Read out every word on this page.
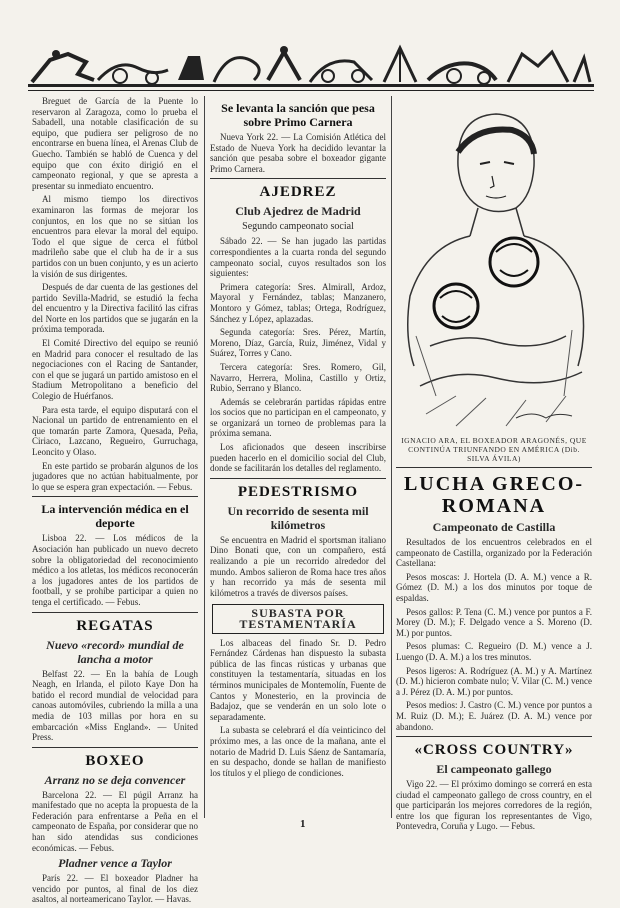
Breguet de García de la Puente lo reservaron al Zaragoza, como lo prueba el Sabadell, una notable clasificación de su equipo, que pudiera ser peligroso de no encontrarse en buena línea, el Arenas Club de Guecho. También se habló de Cuenca y del equipo que con éxito dirigió en el campeonato regional, y que se apresta a presentar su inmediato encuentro.

Al mismo tiempo los directivos examinaron las formas de mejorar los conjuntos, en los que no se sitúan los encuentros para elevar la moral del equipo. Todo el que sigue de cerca el fútbol madrileño sabe que el club ha de ir a sus partidos con un buen conjunto, y es un acierto la visión de sus dirigentes.

Después de dar cuenta de las gestiones del partido Sevilla-Madrid, se estudió la fecha del encuentro y la Directiva facilitó las cifras del Norte en los partidos que se jugarán en la próxima temporada.

El Comité Directivo del equipo se reunió en Madrid para conocer el resultado de las negociaciones con el Racing de Santander, con el que se jugará un partido amistoso en el Stadium Metropolitano a beneficio del Colegio de Huérfanos.

Para esta tarde, el equipo disputará con el Nacional un partido de entrenamiento en el que tomarán parte Zamora, Quesada, Peña, Ciriaco, Lazcano, Regueiro, Gurruchaga, Leoncito y Olaso.

En este partido se probarán algunos de los jugadores que no actúan habitualmente, por lo que se espera gran expectación. — Febus.

La intervención médica en el deporte

Lisboa 22. — Los médicos de la Asociación han publicado un nuevo decreto sobre la obligatoriedad del reconocimiento médico a los atletas, los médicos reconocerán a los jugadores antes de los partidos de football, y se prohíbe participar a quien no tenga el certificado. — Febus.

REGATAS
Nuevo «record» mundial de lancha a motor

Belfast 22. — En la bahía de Lough Neagh, en Irlanda, el piloto Kaye Don ha batido el record mundial de velocidad para canoas automóviles, cubriendo la milla a una media de 103 millas por hora en su embarcación «Miss England». — United Press.

BOXEO
Arranz no se deja convencer

Barcelona 22. — El púgil Arranz ha manifestado que no acepta la propuesta de la Federación para enfrentarse a Peña en el campeonato de España, por considerar que no han sido atendidas sus condiciones económicas. — Febus.

Pladner vence a Taylor

París 22. — El boxeador Pladner ha vencido por puntos, al final de los diez asaltos, al norteamericano Taylor. — Havas.

Se levanta la sanción que pesa sobre Primo Carnera

Nueva York 22. — La Comisión Atlética del Estado de Nueva York ha decidido levantar la sanción que pesaba sobre el boxeador gigante Primo Carnera.

AJEDREZ
Club Ajedrez de Madrid
Segundo campeonato social

Sábado 22. — Se han jugado las partidas correspondientes a la cuarta ronda del segundo campeonato social, cuyos resultados son los siguientes:

Primera categoría: Sres. Almirall, Ardoz, Mayoral y Fernández, tablas; Manzanero, Montoro y Gómez, tablas; Ortega, Rodríguez, Sánchez y López, aplazadas.

Segunda categoría: Sres. Pérez, Martín, Moreno, Díaz, García, Ruiz, Jiménez, Vidal y Suárez, Torres y Cano.

Tercera categoría: Sres. Romero, Gil, Navarro, Herrera, Molina, Castillo y Ortiz, Rubio, Serrano y Blanco.

Además se celebrarán partidas rápidas entre los socios que no participan en el campeonato, y se organizará un torneo de problemas para la próxima semana.

Los aficionados que deseen inscribirse pueden hacerlo en el domicilio social del Club, donde se facilitarán los detalles del reglamento.

PEDESTRISMO
Un recorrido de sesenta mil kilómetros

Se encuentra en Madrid el sportsman italiano Dino Bonati que, con un compañero, está realizando a pie un recorrido alrededor del mundo. Ambos salieron de Roma hace tres años y han recorrido ya más de sesenta mil kilómetros a través de diversos países.

SUBASTA POR TESTAMENTARÍA

Los albaceas del finado Sr. D. Pedro Fernández Cárdenas han dispuesto la subasta pública de las fincas rústicas y urbanas que constituyen la testamentaría, situadas en los términos municipales de Montemolín, Fuente de Cantos y Monesterio, en la provincia de Badajoz, que se venderán en un solo lote o separadamente.

La subasta se celebrará el día veinticinco del próximo mes, a las once de la mañana, ante el notario de Madrid D. Luis Sáenz de Santamaría, en su despacho, donde se hallan de manifiesto los títulos y el pliego de condiciones.

IGNACIO ARA, EL BOXEADOR ARAGONÉS, QUE CONTINÚA TRIUNFANDO EN AMÉRICA (Dib. SILVA ÁVILA)
LUCHA GRECO-ROMANA
Campeonato de Castilla

Resultados de los encuentros celebrados en el campeonato de Castilla, organizado por la Federación Castellana:

Pesos moscas: J. Hortela (D. A. M.) vence a R. Gómez (D. M.) a los dos minutos por toque de espaldas.

Pesos gallos: P. Tena (C. M.) vence por puntos a F. Morey (D. M.); F. Delgado vence a S. Moreno (D. M.) por puntos.

Pesos plumas: C. Regueiro (D. M.) vence a J. Luengo (D. A. M.) a los tres minutos.

Pesos ligeros: A. Rodríguez (A. M.) y A. Martínez (D. M.) hicieron combate nulo; V. Vilar (C. M.) vence a J. Pérez (D. A. M.) por puntos.

Pesos medios: J. Castro (C. M.) vence por puntos a M. Ruiz (D. M.); E. Juárez (D. A. M.) vence por abandono.

«CROSS COUNTRY»
El campeonato gallego

Vigo 22. — El próximo domingo se correrá en esta ciudad el campeonato gallego de cross country, en el que participarán los mejores corredores de la región, entre los que figuran los representantes de Vigo, Pontevedra, Coruña y Lugo. — Febus.

1
